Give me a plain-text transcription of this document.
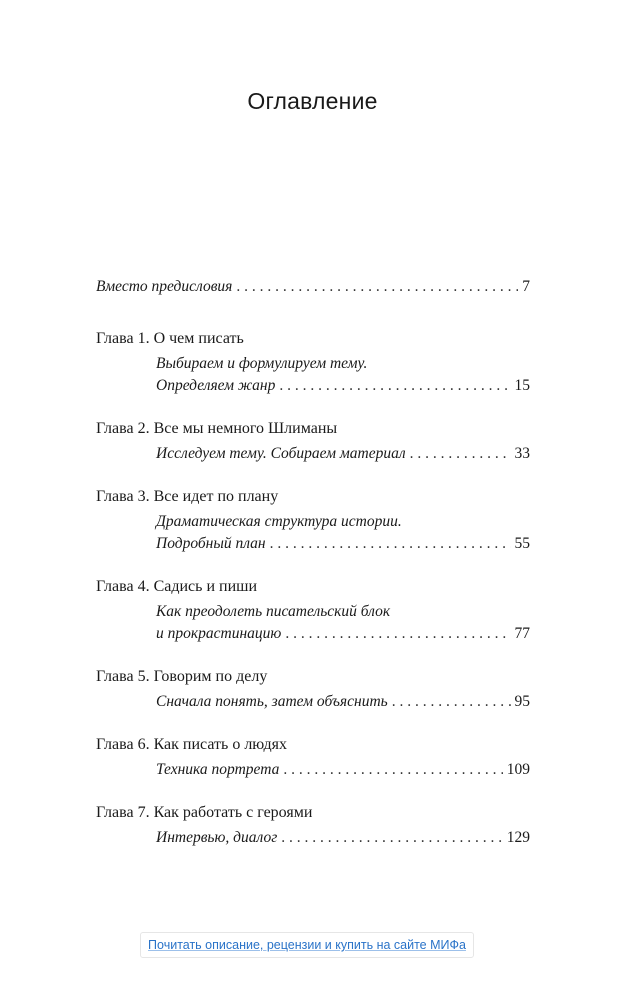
Оглавление
Вместо предисловия . . .	7
Глава 1. О чем писать
Выбираем и формулируем тему.
Определяем жанр . . .	15
Глава 2. Все мы немного Шлиманы
Исследуем тему. Собираем материал . . .	33
Глава 3. Все идет по плану
Драматическая структура истории.
Подробный план . . .	55
Глава 4. Садись и пиши
Как преодолеть писательский блок
и прокрастинацию . . .	77
Глава 5. Говорим по делу
Сначала понять, затем объяснить . . .	95
Глава 6. Как писать о людях
Техника портрета . . .	109
Глава 7. Как работать с героями
Интервью, диалог . . .	129
Почитать описание, рецензии и купить на сайте МИФа
